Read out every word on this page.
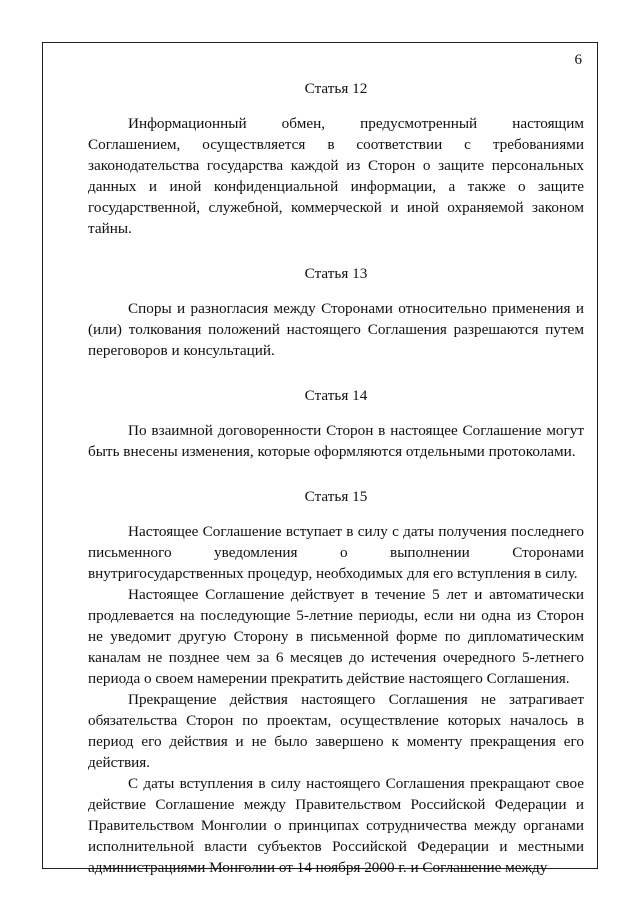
6

Статья 12

Информационный обмен, предусмотренный настоящим Соглашением, осуществляется в соответствии с требованиями законодательства государства каждой из Сторон о защите персональных данных и иной конфиденциальной информации, а также о защите государственной, служебной, коммерческой и иной охраняемой законом тайны.

Статья 13

Споры и разногласия между Сторонами относительно применения и (или) толкования положений настоящего Соглашения разрешаются путем переговоров и консультаций.

Статья 14

По взаимной договоренности Сторон в настоящее Соглашение могут быть внесены изменения, которые оформляются отдельными протоколами.

Статья 15

Настоящее Соглашение вступает в силу с даты получения последнего письменного уведомления о выполнении Сторонами внутригосударственных процедур, необходимых для его вступления в силу.

Настоящее Соглашение действует в течение 5 лет и автоматически продлевается на последующие 5-летние периоды, если ни одна из Сторон не уведомит другую Сторону в письменной форме по дипломатическим каналам не позднее чем за 6 месяцев до истечения очередного 5-летнего периода о своем намерении прекратить действие настоящего Соглашения.

Прекращение действия настоящего Соглашения не затрагивает обязательства Сторон по проектам, осуществление которых началось в период его действия и не было завершено к моменту прекращения его действия.

С даты вступления в силу настоящего Соглашения прекращают свое действие Соглашение между Правительством Российской Федерации и Правительством Монголии о принципах сотрудничества между органами исполнительной власти субъектов Российской Федерации и местными администрациями Монголии от 14 ноября 2000 г. и Соглашение между
